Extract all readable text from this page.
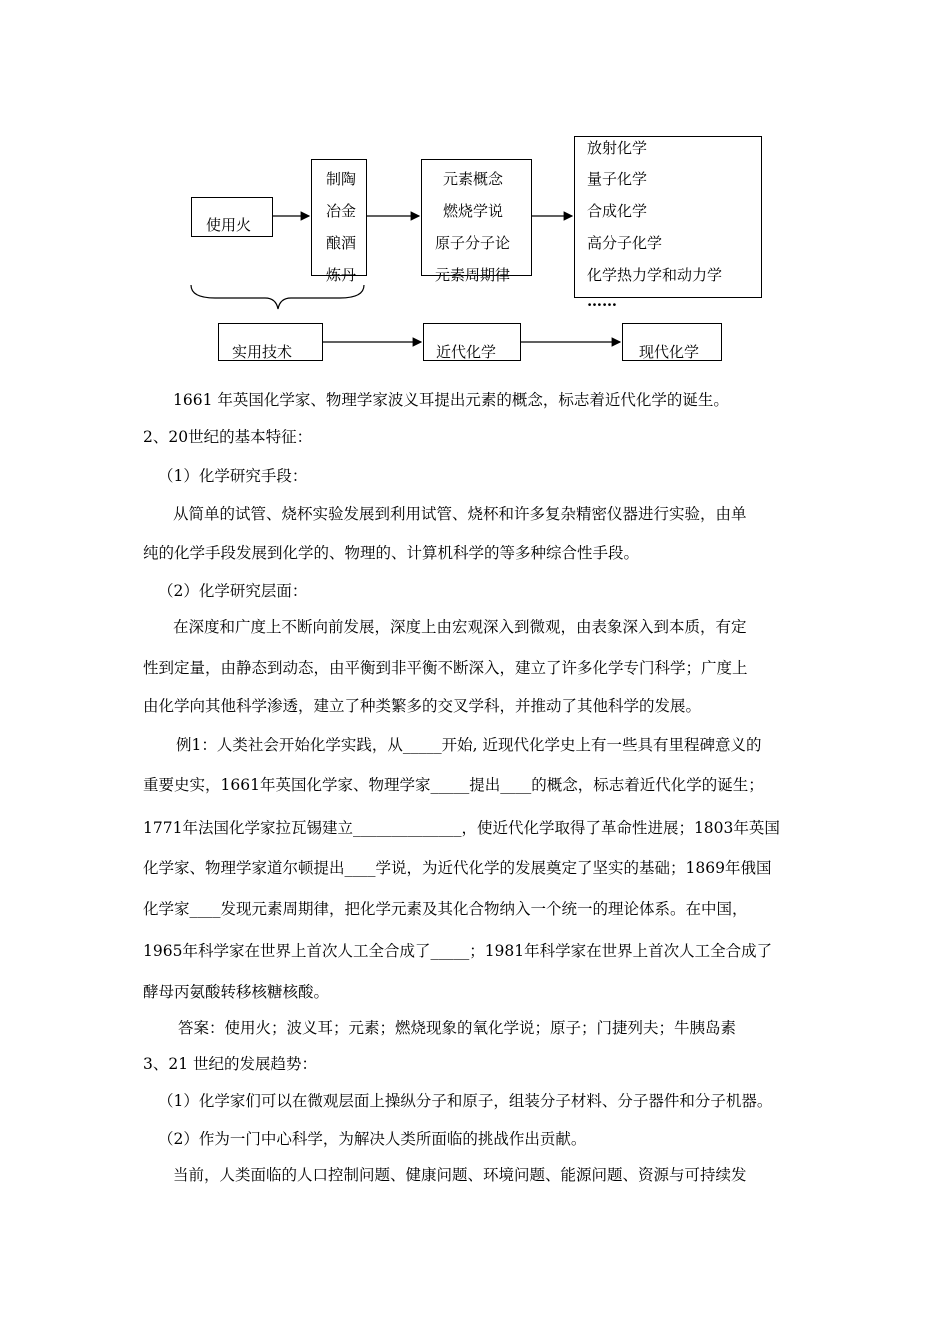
使用火
制陶
冶金
酿酒
炼丹
元素概念
燃烧学说
原子分子论
元素周期律
放射化学
量子化学
合成化学
高分子化学
化学热力学和动力学
……
实用技术	近代化学	现代化学
1661 年英国化学家、物理学家波义耳提出元素的概念，标志着近代化学的诞生。
2、20世纪的基本特征：
（1）化学研究手段：
从简单的试管、烧杯实验发展到利用试管、烧杯和许多复杂精密仪器进行实验，由单
纯的化学手段发展到化学的、物理的、计算机科学的等多种综合性手段。
（2）化学研究层面：
在深度和广度上不断向前发展，深度上由宏观深入到微观，由表象深入到本质，有定
性到定量，由静态到动态，由平衡到非平衡不断深入，建立了许多化学专门科学；广度上
由化学向其他科学渗透，建立了种类繁多的交叉学科，并推动了其他科学的发展。
例1：人类社会开始化学实践，从_____开始, 近现代化学史上有一些具有里程碑意义的
重要史实，1661年英国化学家、物理学家_____提出____的概念，标志着近代化学的诞生；
1771年法国化学家拉瓦锡建立______________，使近代化学取得了革命性进展；1803年英国
化学家、物理学家道尔顿提出____学说，为近代化学的发展奠定了坚实的基础；1869年俄国
化学家____发现元素周期律，把化学元素及其化合物纳入一个统一的理论体系。在中国，
1965年科学家在世界上首次人工全合成了_____；1981年科学家在世界上首次人工全合成了
酵母丙氨酸转移核糖核酸。
答案：使用火；波义耳；元素；燃烧现象的氧化学说；原子；门捷列夫；牛胰岛素
3、21 世纪的发展趋势：
（1）化学家们可以在微观层面上操纵分子和原子，组装分子材料、分子器件和分子机器。
（2）作为一门中心科学，为解决人类所面临的挑战作出贡献。
当前，人类面临的人口控制问题、健康问题、环境问题、能源问题、资源与可持续发
